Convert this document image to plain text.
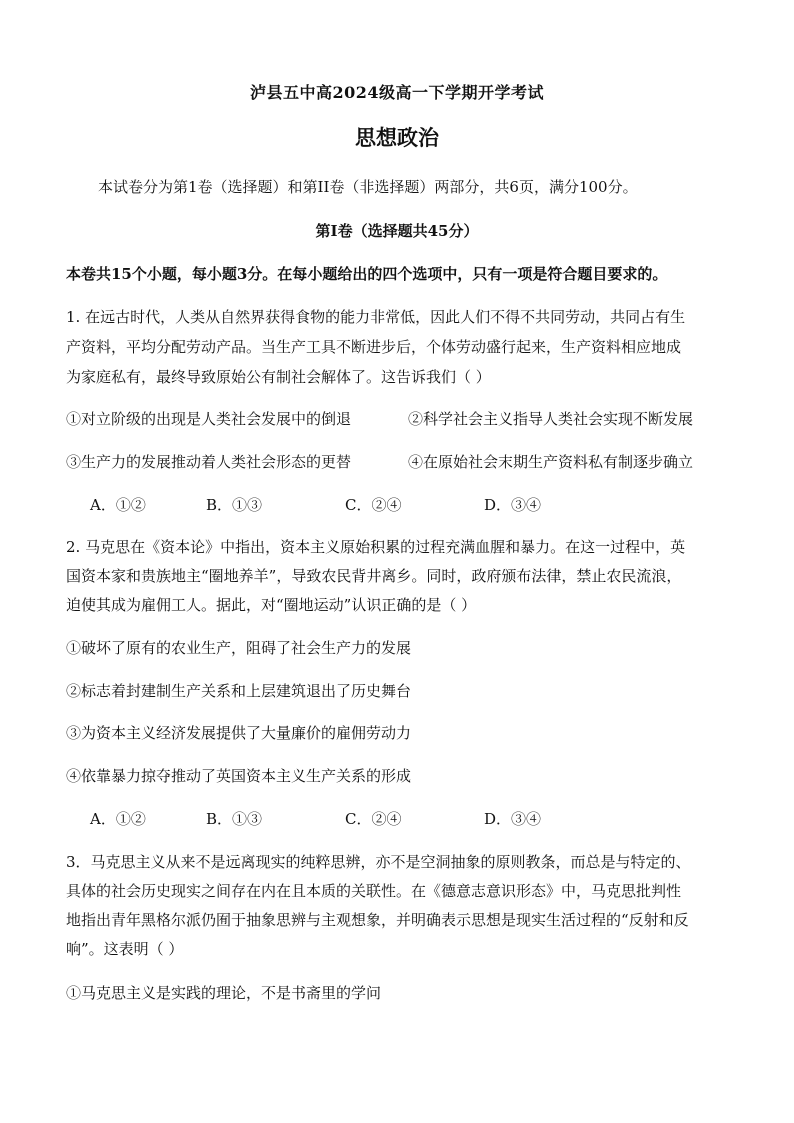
泸县五中高2024级高一下学期开学考试
思想政治
本试卷分为第1卷（选择题）和第II卷（非选择题）两部分，共6页，满分100分。
第I卷（选择题共45分）
本卷共15个小题，每小题3分。在每小题给出的四个选项中，只有一项是符合题目要求的。
1. 在远古时代，人类从自然界获得食物的能力非常低，因此人们不得不共同劳动，共同占有生
产资料，平均分配劳动产品。当生产工具不断进步后，个体劳动盛行起来，生产资料相应地成
为家庭私有，最终导致原始公有制社会解体了。这告诉我们（ ）
①对立阶级的出现是人类社会发展中的倒退	②科学社会主义指导人类社会实现不断发展
③生产力的发展推动着人类社会形态的更替	④在原始社会末期生产资料私有制逐步确立
A．①②	B．①③	C．②④	D．③④
2. 马克思在《资本论》中指出，资本主义原始积累的过程充满血腥和暴力。在这一过程中，英
国资本家和贵族地主“圈地养羊”，导致农民背井离乡。同时，政府颁布法律，禁止农民流浪，
迫使其成为雇佣工人。据此，对“圈地运动”认识正确的是（ ）
①破坏了原有的农业生产，阻碍了社会生产力的发展
②标志着封建制生产关系和上层建筑退出了历史舞台
③为资本主义经济发展提供了大量廉价的雇佣劳动力
④依靠暴力掠夺推动了英国资本主义生产关系的形成
A．①②	B．①③	C．②④	D．③④
3．马克思主义从来不是远离现实的纯粹思辨，亦不是空洞抽象的原则教条，而总是与特定的、
具体的社会历史现实之间存在内在且本质的关联性。在《德意志意识形态》中，马克思批判性
地指出青年黑格尔派仍囿于抽象思辨与主观想象，并明确表示思想是现实生活过程的“反射和反
响”。这表明（ ）
①马克思主义是实践的理论，不是书斋里的学问
